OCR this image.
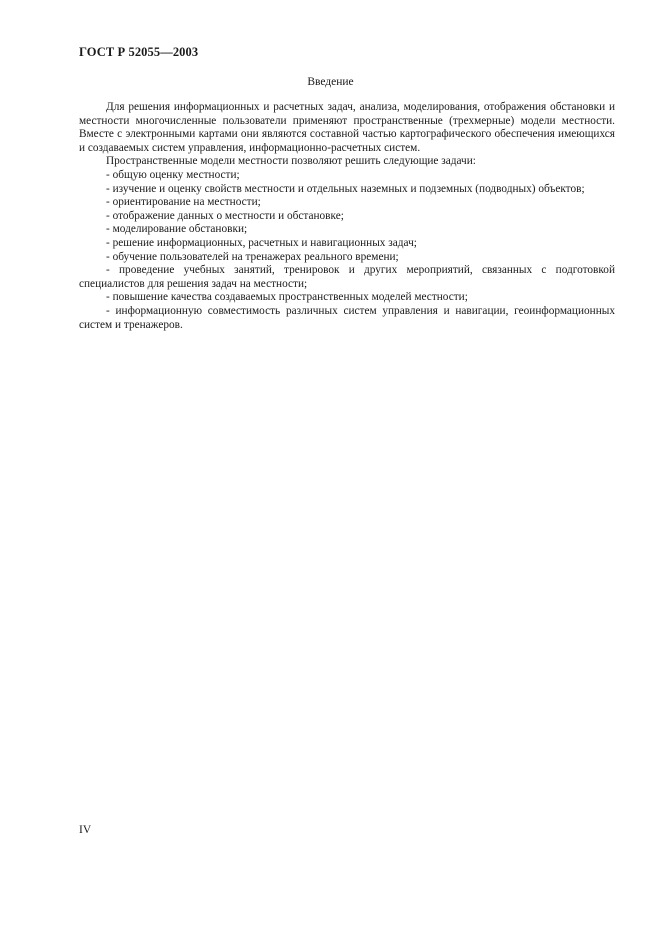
ГОСТ Р 52055—2003
Введение

Для решения информационных и расчетных задач, анализа, моделирования, отображения обстановки и местности многочисленные пользователи применяют пространственные (трехмерные) модели местности. Вместе с электронными картами они являются составной частью картографического обеспечения имеющихся и создаваемых систем управления, информационно-расчетных систем.

Пространственные модели местности позволяют решить следующие задачи:

- общую оценку местности;
- изучение и оценку свойств местности и отдельных наземных и подземных (подводных) объектов;
- ориентирование на местности;
- отображение данных о местности и обстановке;
- моделирование обстановки;
- решение информационных, расчетных и навигационных задач;
- обучение пользователей на тренажерах реального времени;
- проведение учебных занятий, тренировок и других мероприятий, связанных с подготовкой специалистов для решения задач на местности;
- повышение качества создаваемых пространственных моделей местности;
- информационную совместимость различных систем управления и навигации, геоинформационных систем и тренажеров.
IV
